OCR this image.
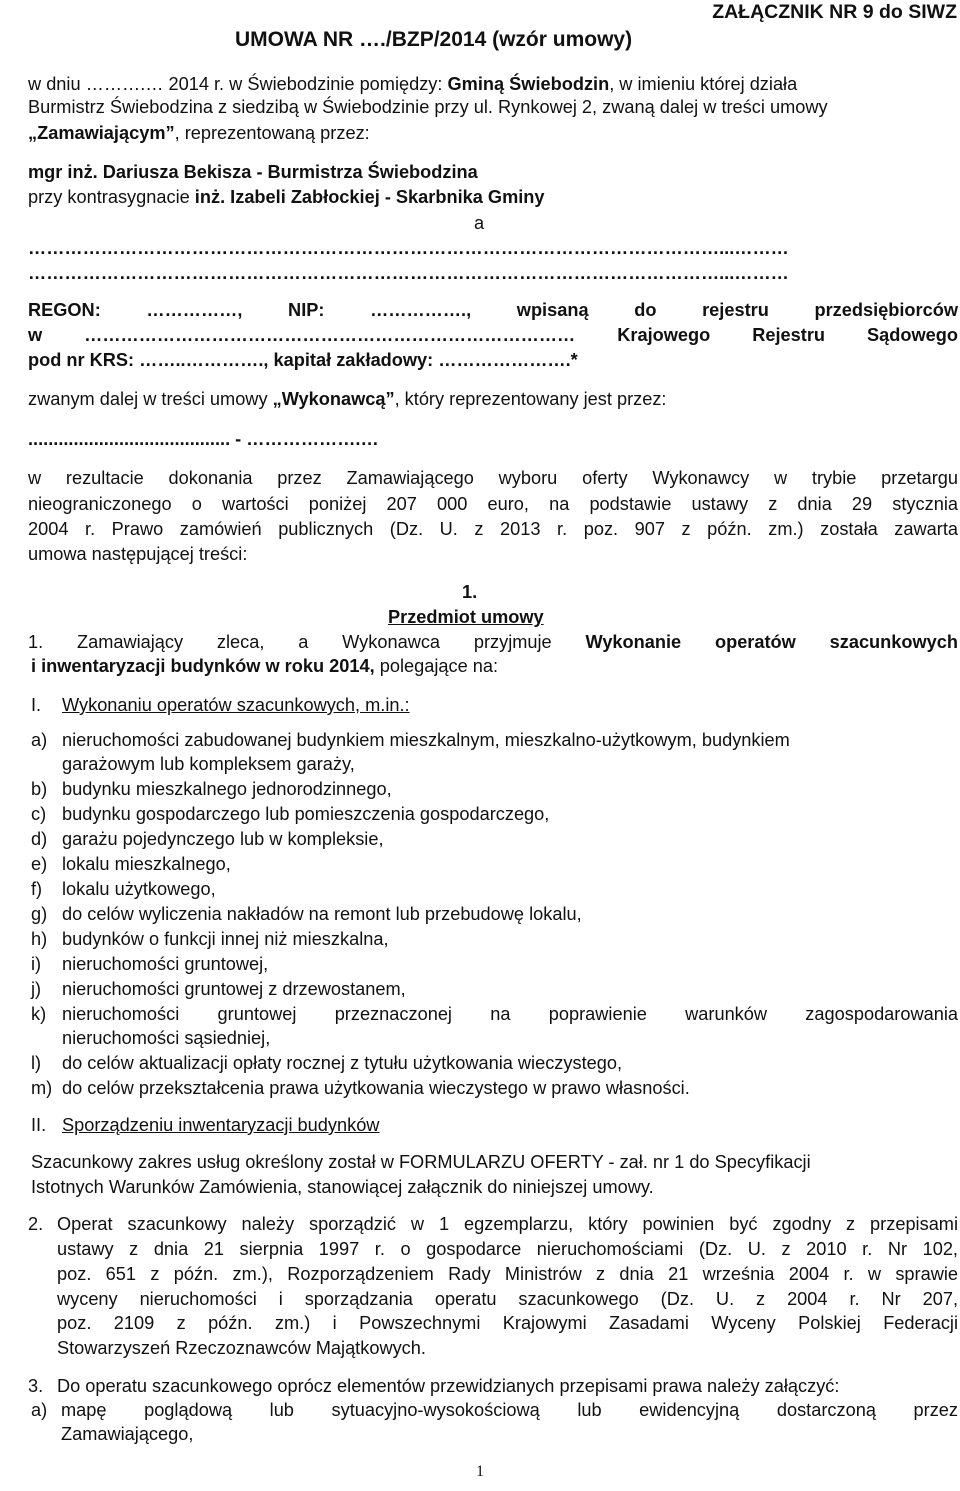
ZAŁĄCZNIK NR 9 do SIWZ
UMOWA NR …./BZP/2014 (wzór umowy)
w dniu ……….… 2014 r. w Świebodzinie pomiędzy: Gminą Świebodzin, w imieniu której działa
Burmistrz Świebodzina z siedzibą w Świebodzinie przy ul. Rynkowej 2, zwaną dalej w treści umowy
„Zamawiającym”, reprezentowaną przez:
mgr inż. Dariusza Bekisza - Burmistrza Świebodzina
przy kontrasygnacie inż. Izabeli Zabłockiej - Skarbnika Gminy
a
……………………………………………………………………………………………………...………
……………………………………………………………………………………………………...………
REGON: ……………, NIP: ……………., wpisaną do rejestru przedsiębiorców
w ……………………………………………………………………… Krajowego Rejestru Sądowego
pod nr KRS: ……..…………., kapitał zakładowy: ………………….*
zwanym dalej w treści umowy „Wykonawcą”, który reprezentowany jest przez:
........................................ - ……………….…
w rezultacie dokonania przez Zamawiającego wyboru oferty Wykonawcy w trybie przetargu
nieograniczonego o wartości poniżej 207 000 euro, na podstawie ustawy z dnia 29 stycznia
2004 r. Prawo zamówień publicznych (Dz. U. z 2013 r. poz. 907 z późn. zm.) została zawarta
umowa następującej treści:
1.
Przedmiot umowy
1. Zamawiający zleca, a Wykonawca przyjmuje Wykonanie operatów szacunkowych
i inwentaryzacji budynków w roku 2014, polegające na:
I. Wykonaniu operatów szacunkowych, m.in.:
a) nieruchomości zabudowanej budynkiem mieszkalnym, mieszkalno-użytkowym, budynkiem
garażowym lub kompleksem garaży,
b) budynku mieszkalnego jednorodzinnego,
c) budynku gospodarczego lub pomieszczenia gospodarczego,
d) garażu pojedynczego lub w kompleksie,
e) lokalu mieszkalnego,
f) lokalu użytkowego,
g) do celów wyliczenia nakładów na remont lub przebudowę lokalu,
h) budynków o funkcji innej niż mieszkalna,
i) nieruchomości gruntowej,
j) nieruchomości gruntowej z drzewostanem,
k) nieruchomości gruntowej przeznaczonej na poprawienie warunków zagospodarowania
nieruchomości sąsiedniej,
l) do celów aktualizacji opłaty rocznej z tytułu użytkowania wieczystego,
m) do celów przekształcenia prawa użytkowania wieczystego w prawo własności.
II. Sporządzeniu inwentaryzacji budynków
Szacunkowy zakres usług określony został w FORMULARZU OFERTY - zał. nr 1 do Specyfikacji
Istotnych Warunków Zamówienia, stanowiącej załącznik do niniejszej umowy.
2. Operat szacunkowy należy sporządzić w 1 egzemplarzu, który powinien być zgodny z przepisami
ustawy z dnia 21 sierpnia 1997 r. o gospodarce nieruchomościami (Dz. U. z 2010 r. Nr 102,
poz. 651 z późn. zm.), Rozporządzeniem Rady Ministrów z dnia 21 września 2004 r. w sprawie
wyceny nieruchomości i sporządzania operatu szacunkowego (Dz. U. z 2004 r. Nr 207,
poz. 2109 z późn. zm.) i Powszechnymi Krajowymi Zasadami Wyceny Polskiej Federacji
Stowarzyszeń Rzeczoznawców Majątkowych.
3. Do operatu szacunkowego oprócz elementów przewidzianych przepisami prawa należy załączyć:
a) mapę poglądową lub sytuacyjno-wysokościową lub ewidencyjną dostarczoną przez
Zamawiającego,
1
